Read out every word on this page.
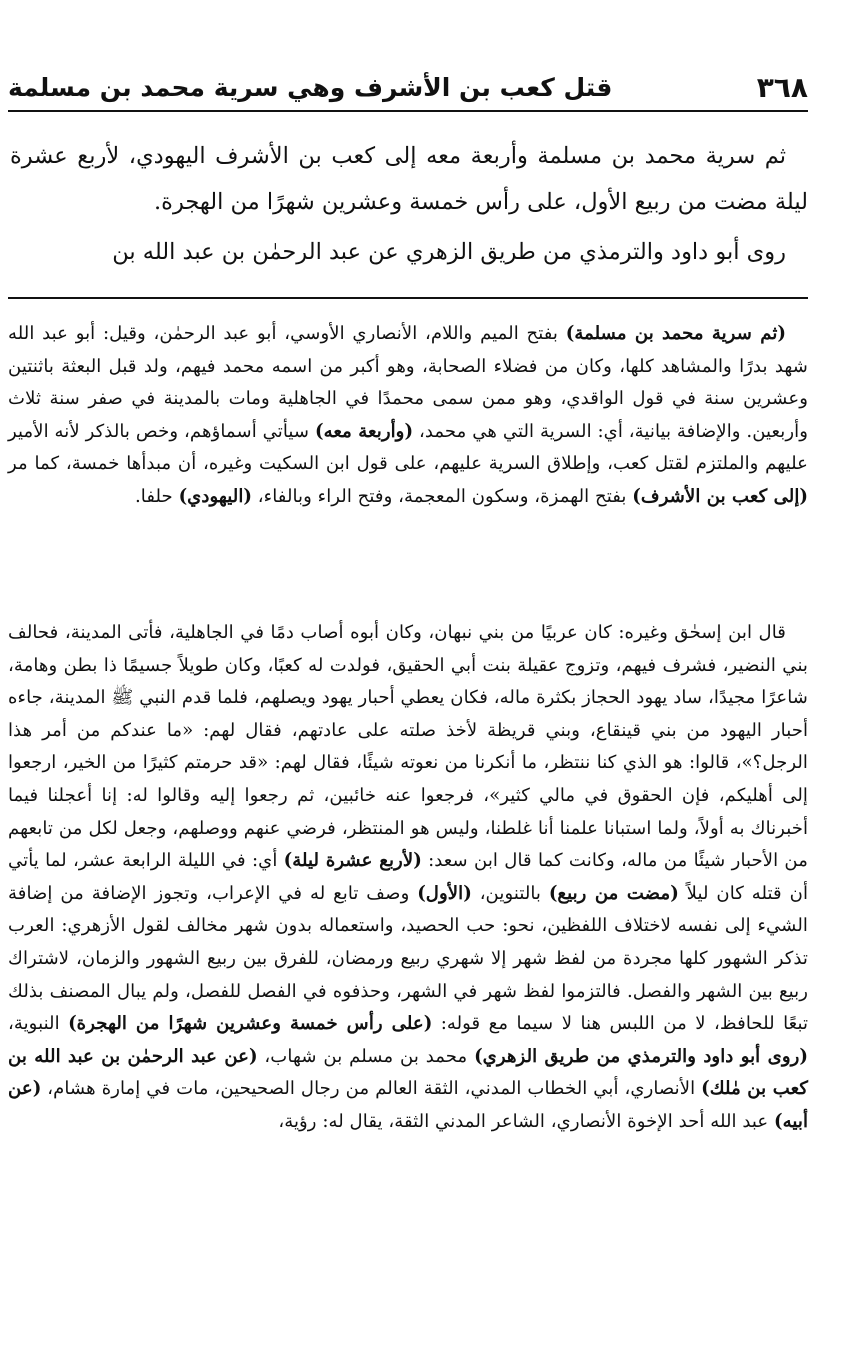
٣٦٨
قتل كعب بن الأشرف وهي سرية محمد بن مسلمة

ثم سرية محمد بن مسلمة وأربعة معه إلى كعب بن الأشرف اليهودي، لأربع عشرة ليلة مضت من ربيع الأول، على رأس خمسة وعشرين شهرًا من الهجرة.

روى أبو داود والترمذي من طريق الزهري عن عبد الرحمٰن بن عبد الله بن

(ثم سرية محمد بن مسلمة) بفتح الميم واللام، الأنصاري الأوسي، أبو عبد الرحمٰن، وقيل: أبو عبد الله شهد بدرًا والمشاهد كلها، وكان من فضلاء الصحابة، وهو أكبر من اسمه محمد فيهم، ولد قبل البعثة باثنتين وعشرين سنة في قول الواقدي، وهو ممن سمى محمدًا في الجاهلية ومات بالمدينة في صفر سنة ثلاث وأربعين. والإضافة بيانية، أي: السرية التي هي محمد، (وأربعة معه) سيأتي أسماؤهم، وخص بالذكر لأنه الأمير عليهم والملتزم لقتل كعب، وإطلاق السرية عليهم، على قول ابن السكيت وغيره، أن مبدأها خمسة، كما مر (إلى كعب بن الأشرف) بفتح الهمزة، وسكون المعجمة، وفتح الراء وبالفاء، (اليهودي) حلفا.

قال ابن إسحٰق وغيره: كان عربيًا من بني نبهان، وكان أبوه أصاب دمًا في الجاهلية، فأتى المدينة، فحالف بني النضير، فشرف فيهم، وتزوج عقيلة بنت أبي الحقيق، فولدت له كعبًا، وكان طويلاً جسيمًا ذا بطن وهامة، شاعرًا مجيدًا، ساد يهود الحجاز بكثرة ماله، فكان يعطي أحبار يهود ويصلهم، فلما قدم النبي ﷺ المدينة، جاءه أحبار اليهود من بني قينقاع، وبني قريظة لأخذ صلته على عادتهم، فقال لهم: «ما عندكم من أمر هذا الرجل؟»، قالوا: هو الذي كنا ننتظر، ما أنكرنا من نعوته شيئًا، فقال لهم: «قد حرمتم كثيرًا من الخير، ارجعوا إلى أهليكم، فإن الحقوق في مالي كثير»، فرجعوا عنه خائبين، ثم رجعوا إليه وقالوا له: إنا أعجلنا فيما أخبرناك به أولاً، ولما استبانا علمنا أنا غلطنا، وليس هو المنتظر، فرضي عنهم ووصلهم، وجعل لكل من تابعهم من الأحبار شيئًا من ماله، وكانت كما قال ابن سعد: (لأربع عشرة ليلة) أي: في الليلة الرابعة عشر، لما يأتي أن قتله كان ليلاً (مضت من ربيع) بالتنوين، (الأول) وصف تابع له في الإعراب، وتجوز الإضافة من إضافة الشيء إلى نفسه لاختلاف اللفظين، نحو: حب الحصيد، واستعماله بدون شهر مخالف لقول الأزهري: العرب تذكر الشهور كلها مجردة من لفظ شهر إلا شهري ربيع ورمضان، للفرق بين ربيع الشهور والزمان، لاشتراك ربيع بين الشهر والفصل. فالتزموا لفظ شهر في الشهر، وحذفوه في الفصل للفصل، ولم يبال المصنف بذلك تبعًا للحافظ، لا من اللبس هنا لا سيما مع قوله: (على رأس خمسة وعشرين شهرًا من الهجرة) النبوية، (روى أبو داود والترمذي من طريق الزهري) محمد بن مسلم بن شهاب، (عن عبد الرحمٰن بن عبد الله بن كعب بن مٰلك) الأنصاري، أبي الخطاب المدني، الثقة العالم من رجال الصحيحين، مات في إمارة هشام، (عن أبيه) عبد الله أحد الإخوة الأنصاري، الشاعر المدني الثقة، يقال له: رؤية،
